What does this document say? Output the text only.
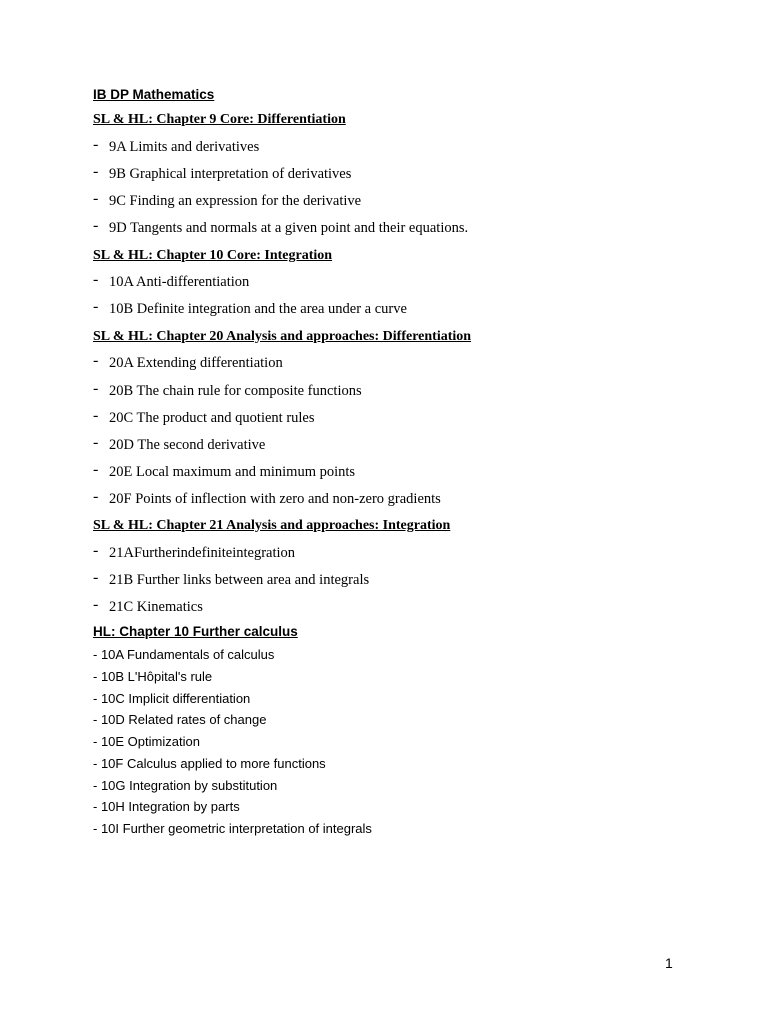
IB DP Mathematics
SL & HL: Chapter 9 Core: Differentiation
- 9A Limits and derivatives
- 9B Graphical interpretation of derivatives
- 9C Finding an expression for the derivative
- 9D Tangents and normals at a given point and their equations.
SL & HL: Chapter 10 Core: Integration
- 10A Anti-differentiation
- 10B Definite integration and the area under a curve
SL & HL: Chapter 20 Analysis and approaches: Differentiation
- 20A Extending differentiation
- 20B The chain rule for composite functions
- 20C The product and quotient rules
- 20D The second derivative
- 20E Local maximum and minimum points
- 20F Points of inflection with zero and non-zero gradients
SL & HL: Chapter 21 Analysis and approaches: Integration
- 21AFurtherindefiniteintegration
- 21B Further links between area and integrals
- 21C Kinematics
HL: Chapter 10 Further calculus
- 10A Fundamentals of calculus
- 10B L'Hôpital's rule
- 10C Implicit differentiation
- 10D Related rates of change
- 10E Optimization
- 10F Calculus applied to more functions
- 10G Integration by substitution
- 10H Integration by parts
- 10I Further geometric interpretation of integrals
1
